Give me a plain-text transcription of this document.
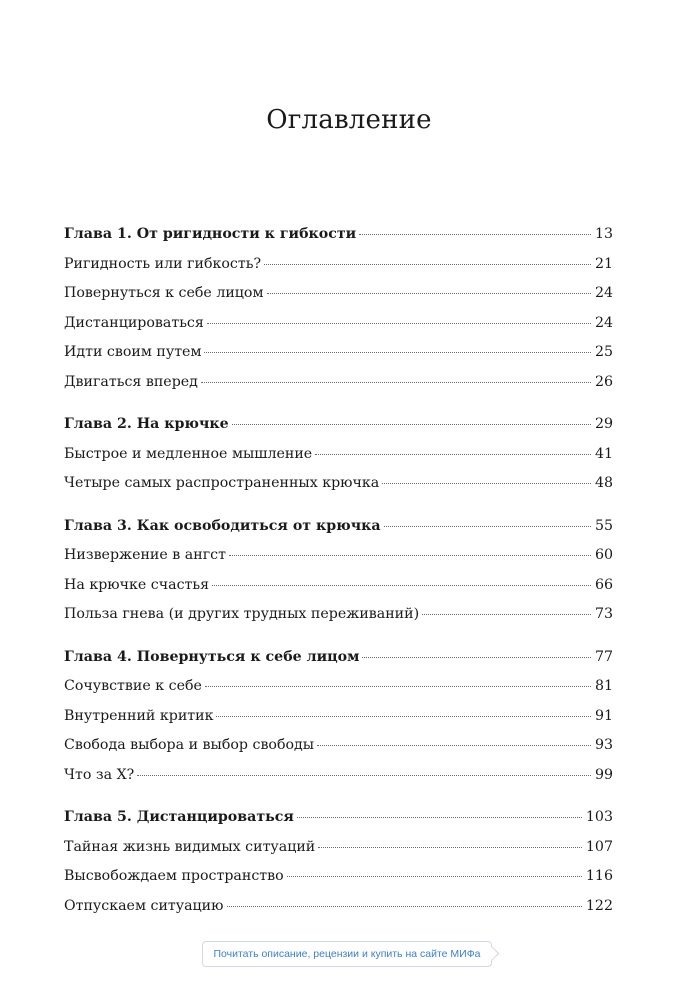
Оглавление
Глава 1. От ригидности к гибкости	13
Ригидность или гибкость?	21
Повернуться к себе лицом	24
Дистанцироваться	24
Идти своим путем	25
Двигаться вперед	26
Глава 2. На крючке	29
Быстрое и медленное мышление	41
Четыре самых распространенных крючка	48
Глава 3. Как освободиться от крючка	55
Низвержение в ангст	60
На крючке счастья	66
Польза гнева (и других трудных переживаний)	73
Глава 4. Повернуться к себе лицом	77
Сочувствие к себе	81
Внутренний критик	91
Свобода выбора и выбор свободы	93
Что за Х?	99
Глава 5. Дистанцироваться	103
Тайная жизнь видимых ситуаций	107
Высвобождаем пространство	116
Отпускаем ситуацию	122
Почитать описание, рецензии и купить на сайте МИФа
